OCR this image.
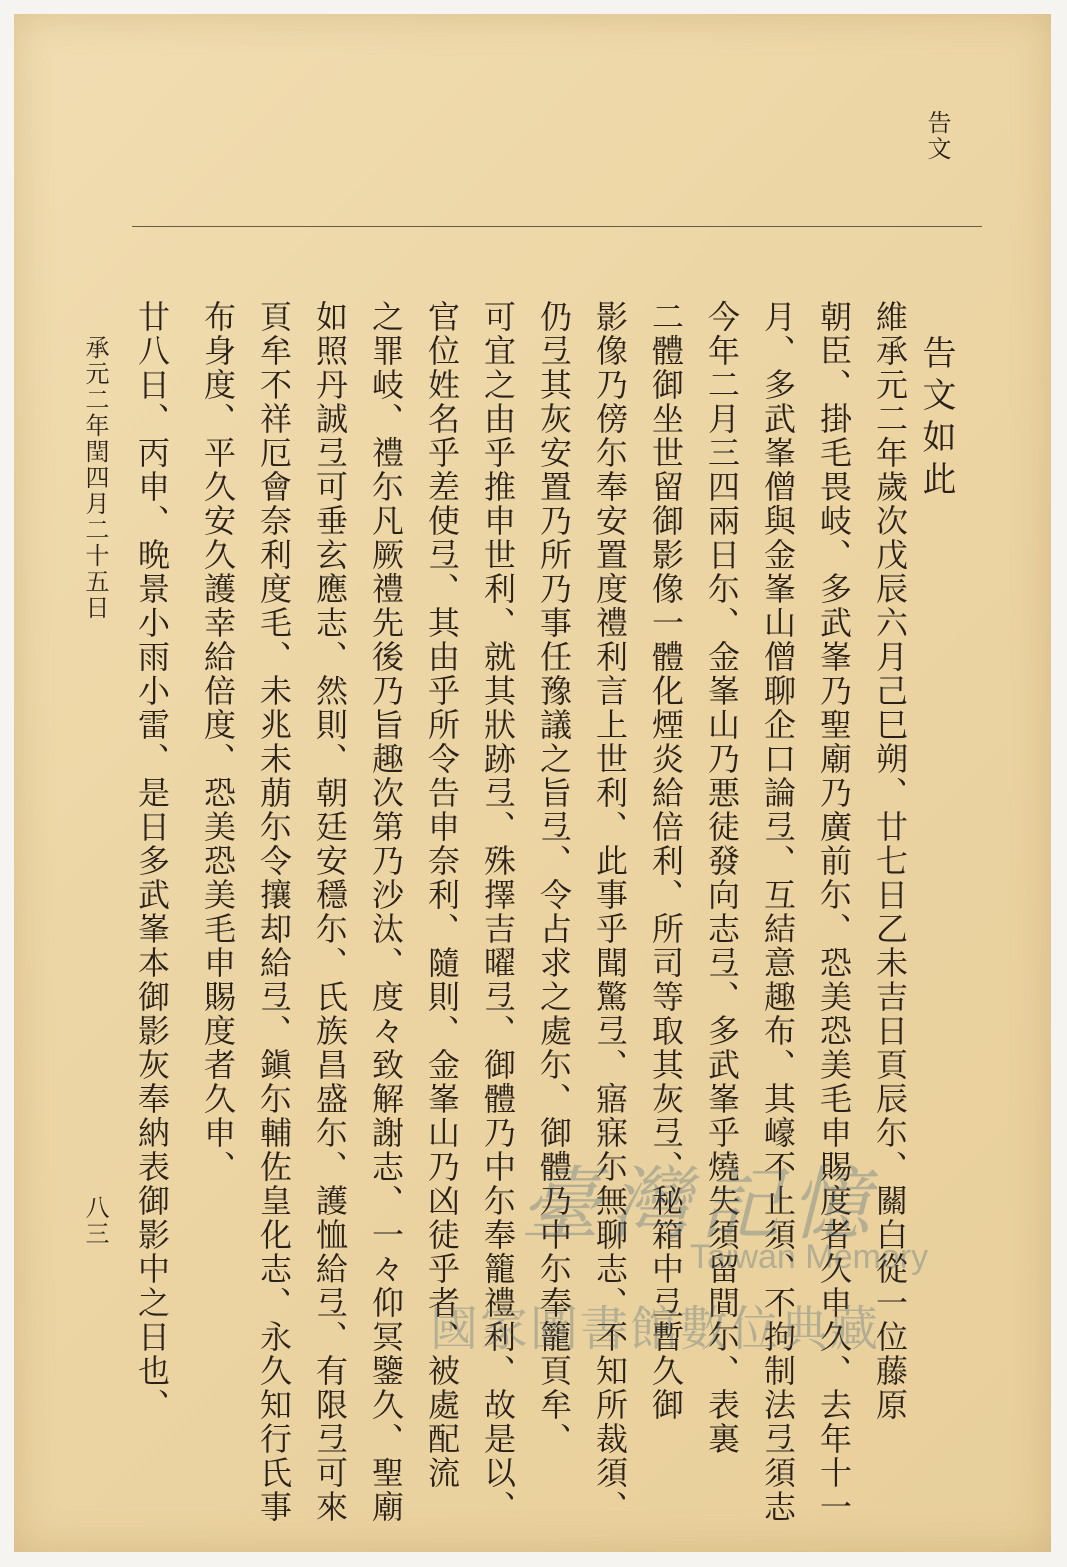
告文
告文如此
維承元二年歲次戊辰六月己巳朔、廿七日乙未吉日頁辰尓、關白從一位藤原
朝臣、掛毛畏岐、多武峯乃聖廟乃廣前尓、恐美恐美毛申賜度者久申久、去年十一
月、多武峯僧與金峯山僧聊企口論弖、互結意趣布、其㠙不止須、不拘制法弖須志
今年二月三四兩日尓、金峯山乃悪徒發向志弖、多武峯乎燒失須留間尓、表裏
二體御坐世留御影像一體化煙炎給倍利、所司等取其灰弖、秘箱中弖暫久御
影像乃傍尓奉安置度禮利言上世利、此事乎聞驚弖、寤寐尓無聊志、不知所裁須、
仍弖其灰安置乃所乃事任豫議之旨弖、令占求之處尓、御體乃中尓奉籠頁牟、
可宜之由乎推申世利、就其狀跡弖、殊擇吉曜弖、御體乃中尓奉籠禮利、故是以、
官位姓名乎差使弖、其由乎所令告申奈利、隨則、金峯山乃凶徒乎者、被處配流
之罪岐、禮尓凡厥禮先後乃旨趣次第乃沙汰、度々致解謝志、一々仰冥鑒久、聖廟
如照丹誠弖可垂玄應志、然則、朝廷安穩尓、氏族昌盛尓、護恤給弖、有限弖可來
頁牟不祥厄會奈利度毛、未兆未萠尓令攘却給弖、鎭尓輔佐皇化志、永久知行氏事
布身度、平久安久護幸給倍度、恐美恐美毛申賜度者久申、
廿八日、丙申、晩景小雨小雷、是日多武峯本御影灰奉納表御影中之日也、
承元二年閏四月二十五日
八三	臺灣記憶
Taiwan Memory
國家圖書館數位典藏
